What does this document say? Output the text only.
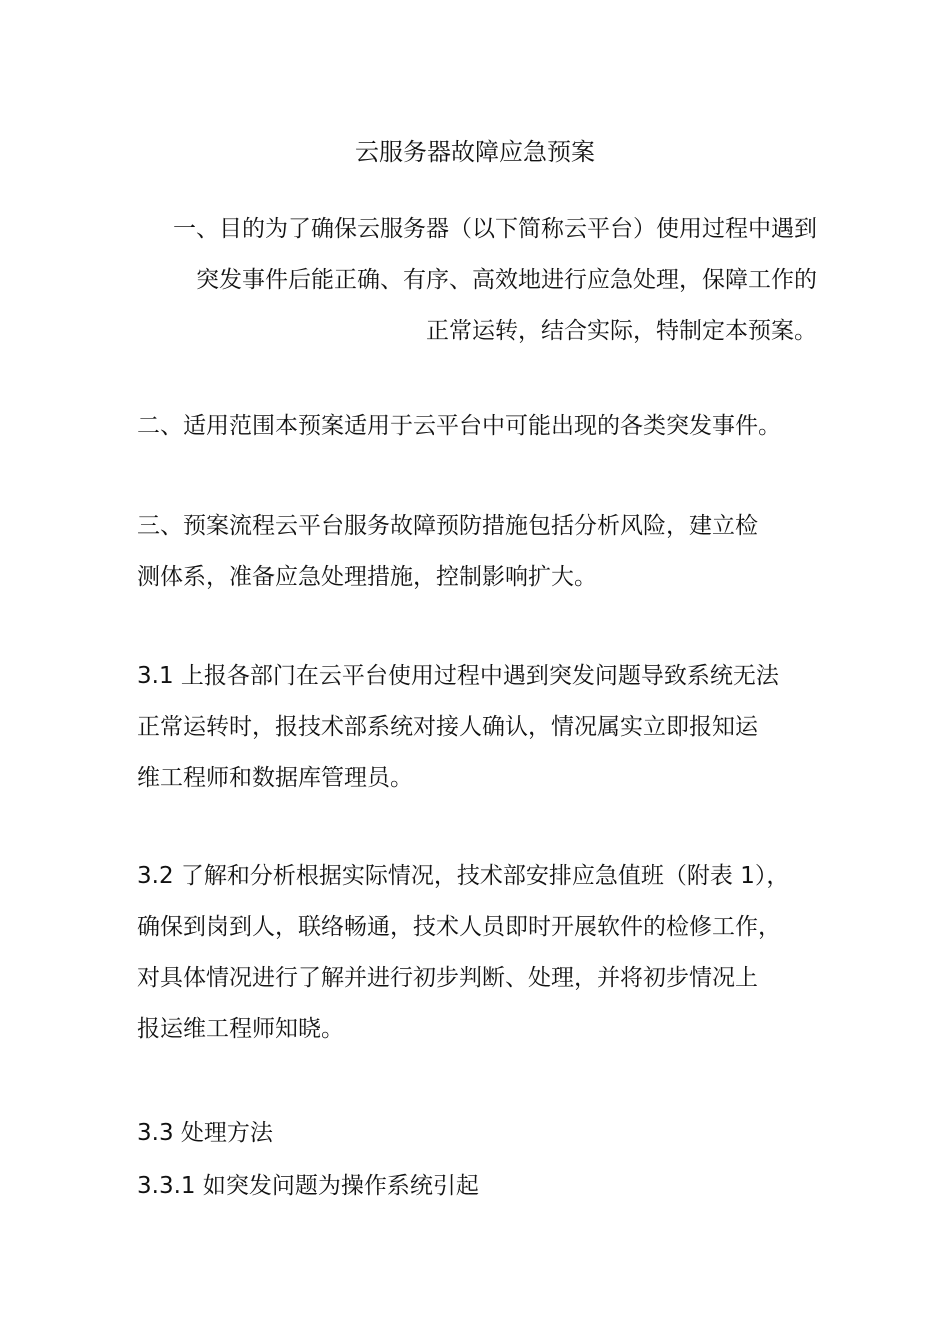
云服务器故障应急预案
一、目的为了确保云服务器（以下简称云平台）使用过程中遇到
突发事件后能正确、有序、高效地进行应急处理，保障工作的
正常运转，结合实际，特制定本预案。
二、适用范围本预案适用于云平台中可能出现的各类突发事件。
三、预案流程云平台服务故障预防措施包括分析风险，建立检
测体系，准备应急处理措施，控制影响扩大。
3.1 上报各部门在云平台使用过程中遇到突发问题导致系统无法
正常运转时，报技术部系统对接人确认，情况属实立即报知运
维工程师和数据库管理员。
3.2 了解和分析根据实际情况，技术部安排应急值班（附表 1），
确保到岗到人，联络畅通，技术人员即时开展软件的检修工作，
对具体情况进行了解并进行初步判断、处理，并将初步情况上
报运维工程师知晓。
3.3 处理方法
3.3.1 如突发问题为操作系统引起
